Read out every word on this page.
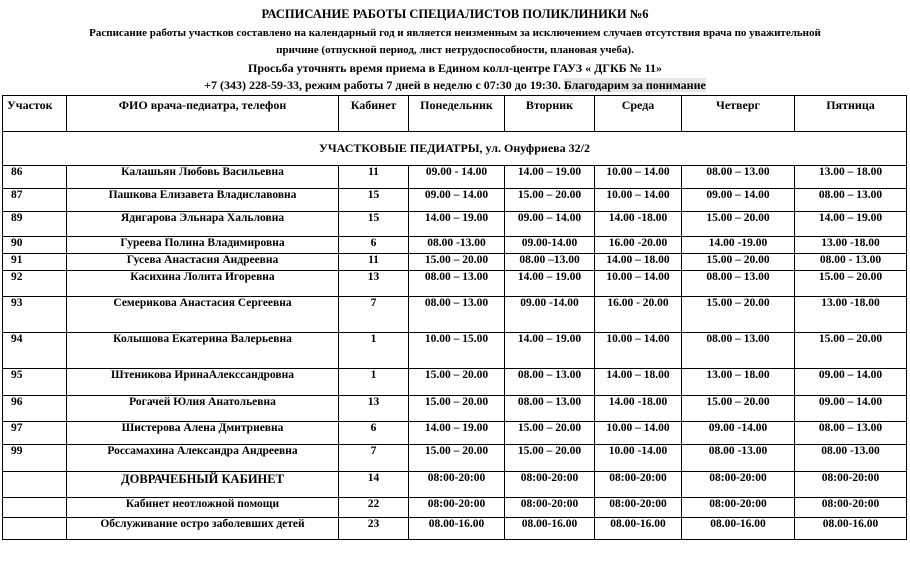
РАСПИСАНИЕ РАБОТЫ СПЕЦИАЛИСТОВ ПОЛИКЛИНИКИ №6
Расписание работы участков составлено на календарный год и является неизменным за исключением случаев отсутствия врача по уважительной
причине (отпускной период, лист нетрудоспособности, плановая учеба).
Просьба уточнять время приема в Едином колл-центре ГАУЗ « ДГКБ № 11»
+7 (343) 228-59-33, режим работы 7 дней в неделю с 07:30 до 19:30. Благодарим за понимание
Участок	ФИО врача-педиатра, телефон	Кабинет	Понедельник	Вторник	Среда	Четверг	Пятница
УЧАСТКОВЫЕ ПЕДИАТРЫ, ул. Онуфриева 32/2							
86	Калашьян Любовь Васильевна	11	09.00 - 14.00	14.00 – 19.00	10.00 – 14.00	08.00 – 13.00	13.00 – 18.00
87	Пашкова Елизавета Владиславовна	15	09.00 – 14.00	15.00 – 20.00	10.00 – 14.00	09.00 – 14.00	08.00 – 13.00
89	Ядигарова Эльнара Хальловна	15	14.00 – 19.00	09.00 – 14.00	14.00 -18.00	15.00 – 20.00	14.00 – 19.00
90	Гуреева Полина Владимировна	6	08.00 -13.00	09.00-14.00	16.00 -20.00	14.00 -19.00	13.00 -18.00
91	Гусева Анастасия Андреевна	11	15.00 – 20.00	08.00 –13.00	14.00 – 18.00	15.00 – 20.00	08.00 - 13.00
92	Касихина Лолита Игоревна	13	08.00 – 13.00	14.00 – 19.00	10.00 – 14.00	08.00 – 13.00	15.00 – 20.00
93	Семерикова Анастасия Сергеевна	7	08.00 – 13.00	09.00 -14.00	16.00 - 20.00	15.00 – 20.00	13.00 -18.00
94	Колышова Екатерина Валерьевна	1	10.00 – 15.00	14.00 – 19.00	10.00 – 14.00	08.00 – 13.00	15.00 – 20.00
95	Штеникова ИринаАлекссандровна	1	15.00 – 20.00	08.00 – 13.00	14.00 – 18.00	13.00 – 18.00	09.00 – 14.00
96	Рогачей Юлия Анатольевна	13	15.00 – 20.00	08.00 – 13.00	14.00 -18.00	15.00 – 20.00	09.00 – 14.00
97	Шистерова Алена Дмитриевна	6	14.00 – 19.00	15.00 – 20.00	10.00 – 14.00	09.00 -14.00	08.00 – 13.00
99	Россамахина Александра Андреевна	7	15.00 – 20.00	15.00 – 20.00	10.00 -14.00	08.00 -13.00	08.00 -13.00
	ДОВРАЧЕБНЫЙ КАБИНЕТ	14	08:00-20:00	08:00-20:00	08:00-20:00	08:00-20:00	08:00-20:00
	Кабинет неотложной помощи	22	08:00-20:00	08:00-20:00	08:00-20:00	08:00-20:00	08:00-20:00
	Обслуживание остро заболевших детей	23	08.00-16.00	08.00-16.00	08.00-16.00	08.00-16.00	08.00-16.00
